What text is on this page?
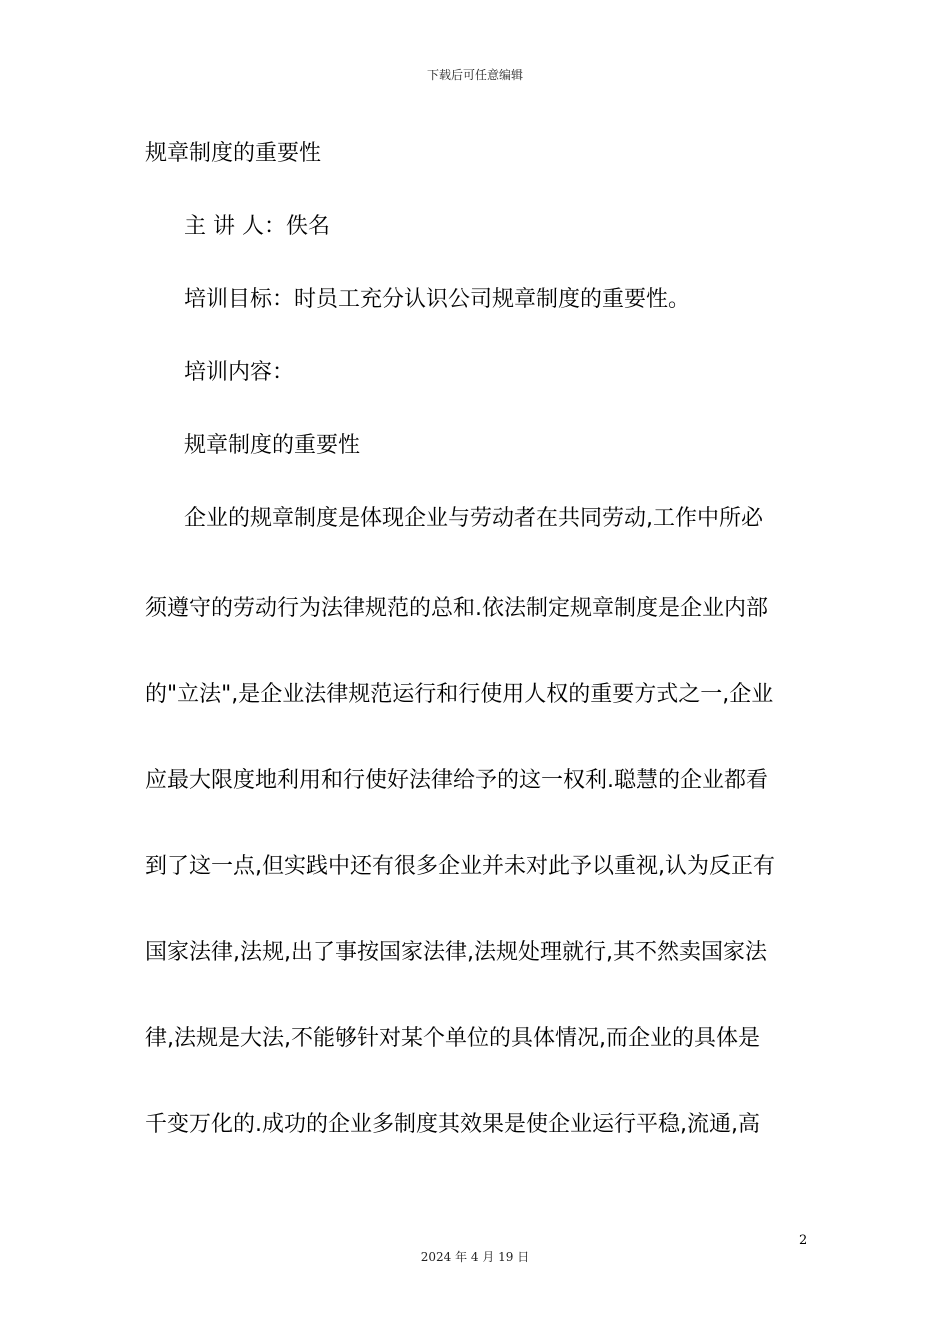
下载后可任意编辑
规章制度的重要性
主 讲 人：佚名
培训目标：时员工充分认识公司规章制度的重要性。
培训内容：
规章制度的重要性
企业的规章制度是体现企业与劳动者在共同劳动,工作中所必
须遵守的劳动行为法律规范的总和.依法制定规章制度是企业内部
的"立法",是企业法律规范运行和行使用人权的重要方式之一,企业
应最大限度地利用和行使好法律给予的这一权利.聪慧的企业都看
到了这一点,但实践中还有很多企业并未对此予以重视,认为反正有
国家法律,法规,出了事按国家法律,法规处理就行,其不然卖国家法
律,法规是大法,不能够针对某个单位的具体情况,而企业的具体是
千变万化的.成功的企业多制度其效果是使企业运行平稳,流通,高
2
2024 年 4 月 19 日
